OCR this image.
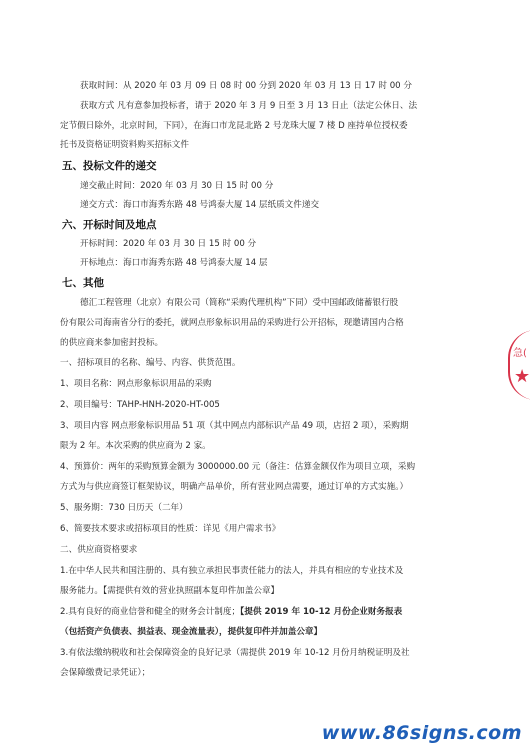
获取时间：从 2020 年 03 月 09 日 08 时 00 分到 2020 年 03 月 13 日 17 时 00 分
获取方式 凡有意参加投标者，请于 2020 年 3 月 9 日至 3 月 13 日止（法定公休日、法
定节假日除外，北京时间，下同），在海口市龙昆北路 2 号龙珠大厦 7 楼 D 座持单位授权委
托书及资格证明资料购买招标文件
五、投标文件的递交
递交截止时间：2020 年 03 月 30 日 15 时 00 分
递交方式：海口市海秀东路 48 号鸿泰大厦 14 层纸质文件递交
六、开标时间及地点
开标时间：2020 年 03 月 30 日 15 时 00 分
开标地点：海口市海秀东路 48 号鸿泰大厦 14 层
七、其他
德汇工程管理（北京）有限公司（简称“采购代理机构”下同）受中国邮政储蓄银行股
份有限公司海南省分行的委托，就网点形象标识用品的采购进行公开招标，现邀请国内合格
的供应商来参加密封投标。
一、招标项目的名称、编号、内容、供货范围。
1、项目名称：网点形象标识用品的采购
2、项目编号：TAHP-HNH-2020-HT-005
3、项目内容 网点形象标识用品 51 项（其中网点内部标识产品 49 项，店招 2 项），采购期
限为 2 年。本次采购的供应商为 2 家。
4、预算价：两年的采购预算金额为 3000000.00 元（备注：估算金额仅作为项目立项，采购
方式为与供应商签订框架协议，明确产品单价，所有营业网点需要，通过订单的方式实施。）
5、服务期：730 日历天（二年）
6、简要技术要求或招标项目的性质：详见《用户需求书》
二、供应商资格要求
1.在中华人民共和国注册的、具有独立承担民事责任能力的法人，并具有相应的专业技术及
服务能力。【需提供有效的营业执照副本复印件加盖公章】
2.具有良好的商业信誉和健全的财务会计制度；【提供 2019 年 10-12 月份企业财务报表
（包括资产负债表、损益表、现金流量表），提供复印件并加盖公章】
3.有依法缴纳税收和社会保障资金的良好记录（需提供 2019 年 10-12 月份月纳税证明及社
会保障缴费记录凭证）；
急(
★
www.86signs.com
